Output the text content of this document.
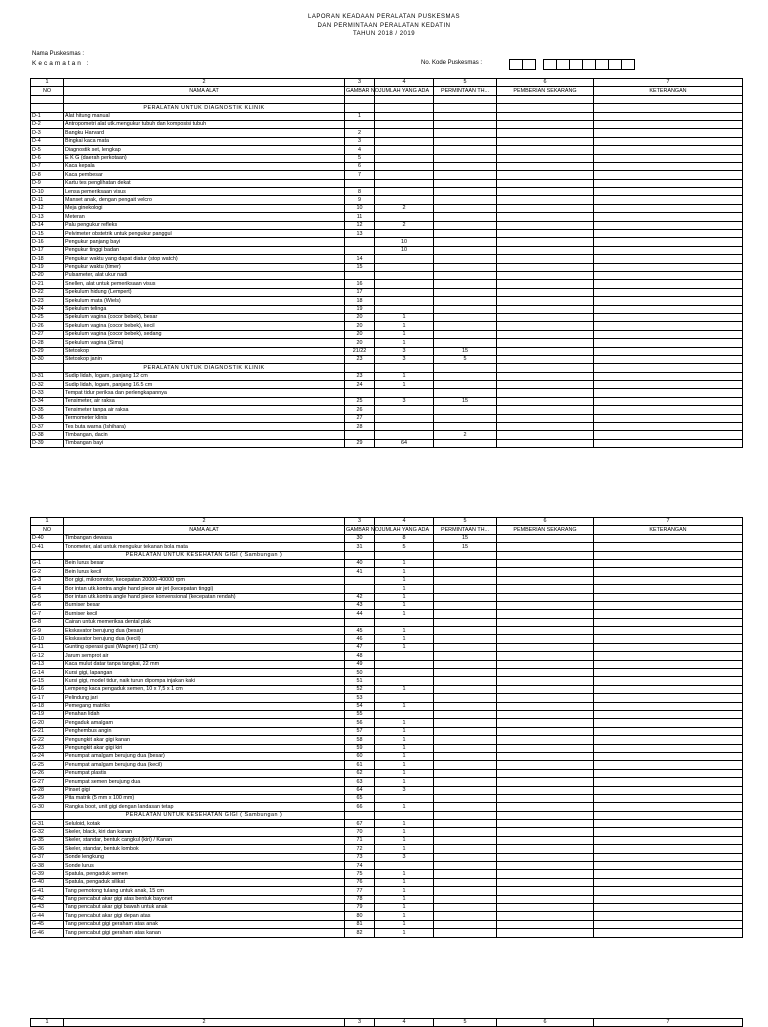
LAPORAN KEADAAN PERALATAN PUSKESMAS
DAN PERMINTAAN PERALATAN KEDATIN
TAHUN 2018 / 2019
Nama Puskesmas :
Kecamatan :	No. Kode Puskesmas :
1	2	3	4	5	6	7
NO	NAMA ALAT	GAMBAR NO.	JUMLAH YANG ADA	PERMINTAAN TH...	PEMBERIAN SEKARANG	KETERANGAN

	PERALATAN UNTUK DIAGNOSTIK KLINIK					
D-1	Alat hitung manual	1				
D-2	Antropometri alat utk.mengukur tubuh dan komposisi tubuh					
D-3	Bangku Harvard	2				
D-4	Bingkai kaca mata	3				
D-5	Diagnostik set, lengkap	4				
D-6	E K G (daerah perkotaan)	5				
D-7	Kaca kepala	6				
D-8	Kaca pembesar	7				
D-9	Kartu tes penglihatan dekat					
D-10	Lensa pemeriksaan visus	8				
D-11	Manset anak, dengan pengait velcro	9				
D-12	Meja ginekologi	10	2			
D-13	Meteran	11				
D-14	Palu pengukur refleks	12	2			
D-15	Pelvimeter obstetrik untuk pengukur panggul	13				
D-16	Pengukur panjang bayi		10			
D-17	Pengukur tinggi badan		10			
D-18	Pengukur waktu yang dapat diatur (stop watch)	14				
D-19	Pengukur waktu (timer)	15				
D-20	Pulsameter, alat ukur nadi					
D-21	Snellen, alat untuk pemeriksaan visus	16				
D-22	Spekulum hidung (Lempert)	17				
D-23	Spekulum mata (Wiels)	18				
D-24	Spekulum telinga	19				
D-25	Spekulum vagina (cocor bebek), besar	20	1			
D-26	Spekulum vagina (cocor bebek), kecil	20	1			
D-27	Spekulum vagina (cocor bebek), sedang	20	1			
D-28	Spekulum vagina (Sims)	20	1			
D-29	Stetoskop	21/22	3	15		
D-30	Stetoskop janin	23	3	5		
	PERALATAN UNTUK DIAGNOSTIK KLINIK					
D-31	Sudip lidah, logam, panjang 12 cm	23	1			
D-32	Sudip lidah, logam, panjang 16.5 cm	24	1			
D-33	Tempat tidur periksa dan perlengkapannya					
D-34	Tensimeter, air raksa	25	3	15		
D-35	Tensimeter tanpa air raksa	26				
D-36	Termometer klinis	27				
D-37	Tes buta warna (Ishihara)	28				
D-38	Timbangan, dacin			2		
D-39	Timbangan bayi	29	64			
1	2	3	4	5	6	7
NO	NAMA ALAT	GAMBAR NO.	JUMLAH YANG ADA	PERMINTAAN TH...	PEMBERIAN SEKARANG	KETERANGAN
D-40	Timbangan dewasa	30	8	15		
D-41	Tonometer, alat untuk mengukur tekanan bola mata	31	5	15		
	PERALATAN UNTUK KESEHATAN GIGI ( Sambungan )					
G-1	Bein lurus besar	40	1			
G-2	Bein lurus kecil	41	1			
G-3	Bor gigi, mikromotor, kecepatan 20000-40000 rpm		1			
G-4	Bor intan utk.kontra angle hand piece air jet (kecepatan tinggi)		1			
G-5	Bor intan utk.kontra angle hand piece konvensional (kecepatan rendah)	42	1			
G-6	Burniser besar	43	1			
G-7	Burniser kecil	44	1			
G-8	Cairan untuk memeriksa dental plak					
G-9	Ekskavator berujung dua (besar)	45	1			
G-10	Ekskavator berujung dua (kecil)	46	1			
G-11	Gunting operasi gusi (Wagner) (12 cm)	47	1			
G-12	Jarum semprot air	48				
G-13	Kaca mulut datar tanpa tangkai, 22 mm	49				
G-14	Kursi gigi, lapangan	50				
G-15	Kursi gigi, model tidur, naik turun dipompa injakan kaki	51				
G-16	Lempeng kaca pengaduk semen, 10 x 7,5 x 1 cm	52	1			
G-17	Pelindung jari	53				
G-18	Pemegang matriks	54	1			
G-19	Penahan lidah	55				
G-20	Pengaduk amalgam	56	1			
G-21	Penghembus angin	57	1			
G-22	Pengungkit akar gigi kanan	58	1			
G-23	Pengungkit akar gigi kiri	59	1			
G-24	Penumpat amalgam berujung dua (besar)	60	1			
G-25	Penumpat amalgam berujung dua (kecil)	61	1			
G-26	Penumpat plastis	62	1			
G-27	Penumpat semen berujung dua	63	1			
G-28	Pinset gigi	64	3			
G-29	Pita matrik (5 mm x 100 mm)	65				
G-30	Rangka boot, unit gigi dengan landasan tetap	66	1			
	PERALATAN UNTUK KESEHATAN GIGI ( Sambungan )					
G-31	Seluloid, kotak	67	1			
G-32	Skeler, black, kiri dan kanan	70	1			
G-35	Skeler, standar, bentuk cangkul (kiri) / Kanan	71	1			
G-36	Skeler, standar, bentuk lombok	72	1			
G-37	Sonde lengkung	73	3			
G-38	Sonde lurus	74				
G-39	Spatula, pengaduk semen	75	1			
G-40	Spatula, pengaduk silikat	76	1			
G-41	Tang pemotong tulang untuk anak, 15 cm	77	1			
G-42	Tang pencabut akar gigi atas bentuk bayonet	78	1			
G-43	Tang pencabut akar gigi bawah untuk anak	79	1			
G-44	Tang pencabut akar gigi depan atas	80	1			
G-45	Tang pencabut gigi geraham atas anak	81	1			
G-46	Tang pencabut gigi geraham atas kanan	82	1			
1	2	3	4	5	6	7
